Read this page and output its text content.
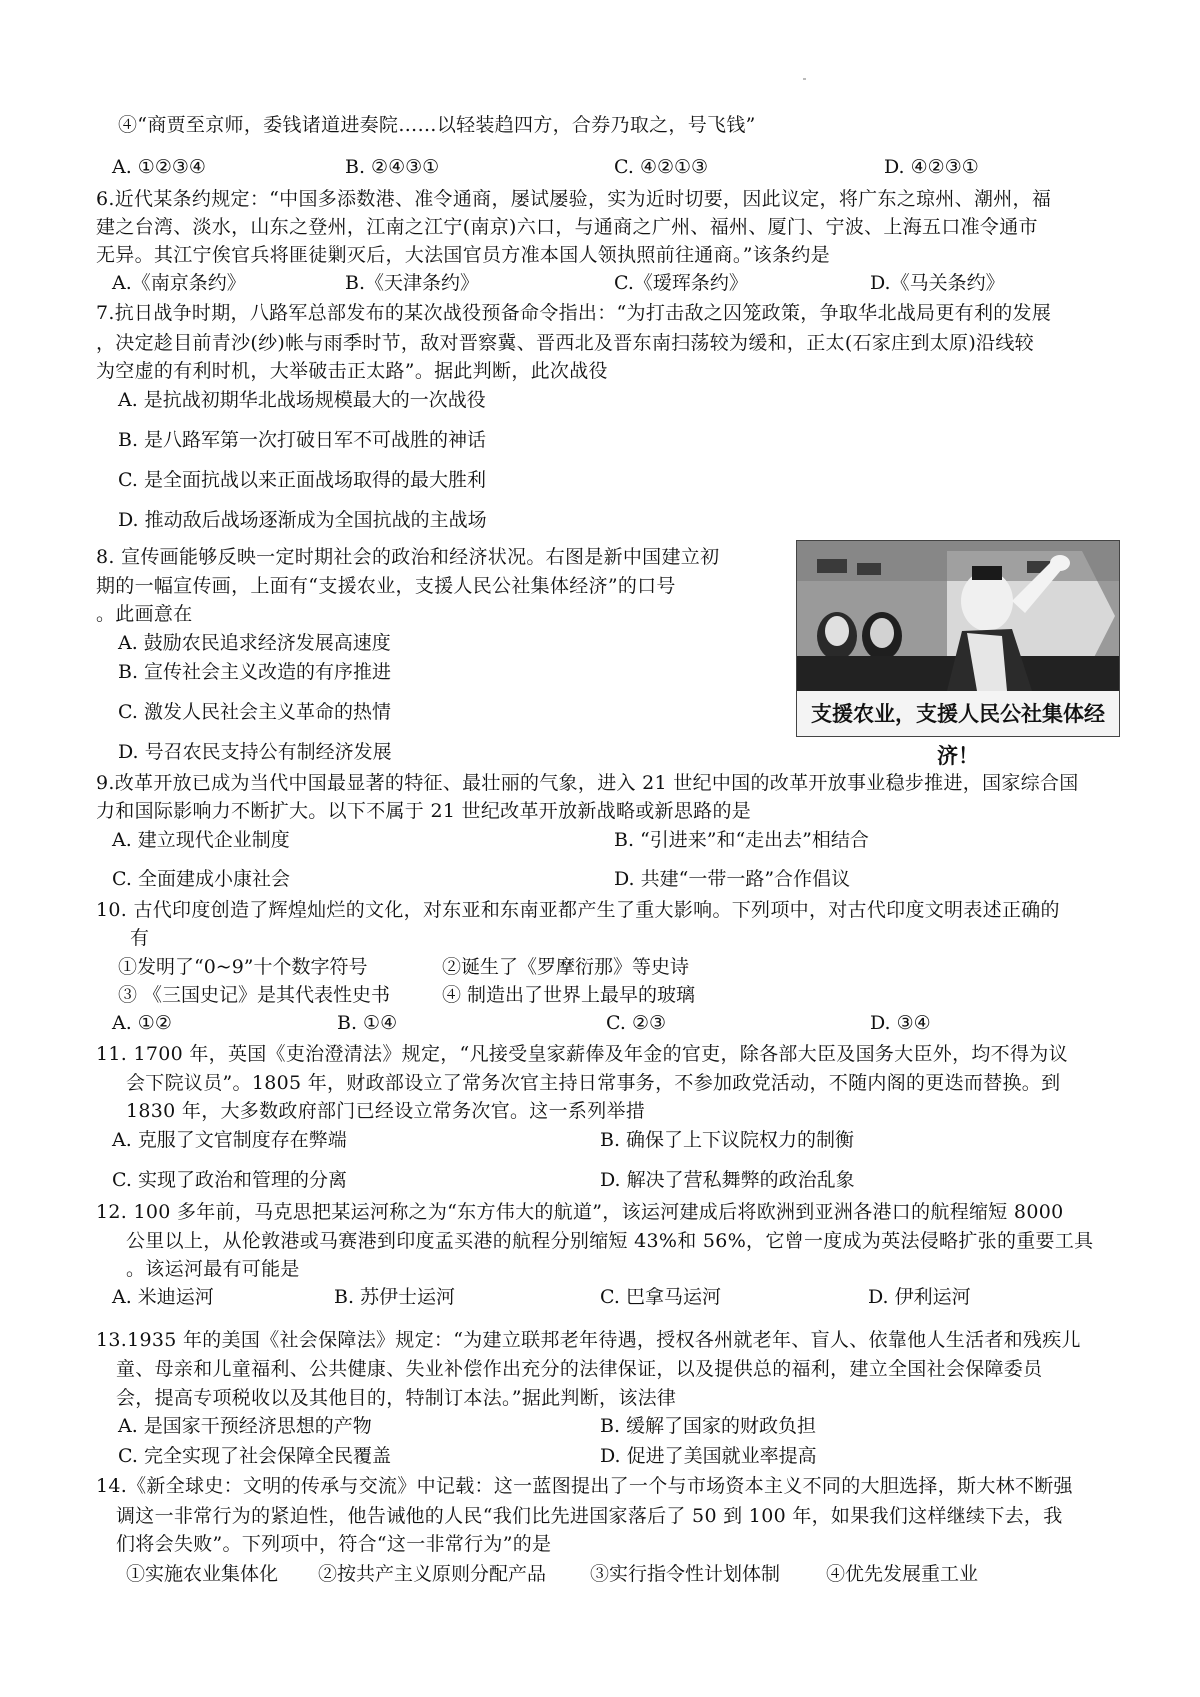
④“商贾至京师，委钱诸道进奏院……以轻装趋四方，合券乃取之，号飞钱”
A. ①②③④	B. ②④③①	C. ④②①③	D. ④②③①
6.近代某条约规定：“中国多添数港、准令通商，屡试屡验，实为近时切要，因此议定，将广东之琼州、潮州，福
建之台湾、淡水，山东之登州，江南之江宁(南京)六口，与通商之广州、福州、厦门、宁波、上海五口准令通市
无异。其江宁俟官兵将匪徒剿灭后，大法国官员方准本国人领执照前往通商。”该条约是
A.《南京条约》	B.《天津条约》	C.《瑷珲条约》	D.《马关条约》
7.抗日战争时期，八路军总部发布的某次战役预备命令指出：“为打击敌之囚笼政策，争取华北战局更有利的发展
，决定趁目前青沙(纱)帐与雨季时节，敌对晋察冀、晋西北及晋东南扫荡较为缓和，正太(石家庄到太原)沿线较
为空虚的有利时机，大举破击正太路”。据此判断，此次战役
A. 是抗战初期华北战场规模最大的一次战役
B. 是八路军第一次打破日军不可战胜的神话
C. 是全面抗战以来正面战场取得的最大胜利
D. 推动敌后战场逐渐成为全国抗战的主战场
8. 宣传画能够反映一定时期社会的政治和经济状况。右图是新中国建立初
期的一幅宣传画，上面有“支援农业，支援人民公社集体经济”的口号
。此画意在
A. 鼓励农民追求经济发展高速度
B. 宣传社会主义改造的有序推进
C. 激发人民社会主义革命的热情
D. 号召农民支持公有制经济发展
支援农业，支援人民公社集体经济！
9.改革开放已成为当代中国最显著的特征、最壮丽的气象，进入 21 世纪中国的改革开放事业稳步推进，国家综合国
力和国际影响力不断扩大。以下不属于 21 世纪改革开放新战略或新思路的是
A. 建立现代企业制度	B. “引进来”和“走出去”相结合
C. 全面建成小康社会	D. 共建“一带一路”合作倡议
10. 古代印度创造了辉煌灿烂的文化，对东亚和东南亚都产生了重大影响。下列项中，对古代印度文明表述正确的
有
①发明了“0~9”十个数字符号	②诞生了《罗摩衍那》等史诗
③ 《三国史记》是其代表性史书	④ 制造出了世界上最早的玻璃
A. ①②	B. ①④	C. ②③	D. ③④
11. 1700 年，英国《吏治澄清法》规定，“凡接受皇家薪俸及年金的官吏，除各部大臣及国务大臣外，均不得为议
会下院议员”。1805 年，财政部设立了常务次官主持日常事务，不参加政党活动，不随内阁的更迭而替换。到
1830 年，大多数政府部门已经设立常务次官。这一系列举措
A. 克服了文官制度存在弊端	B. 确保了上下议院权力的制衡
C. 实现了政治和管理的分离	D. 解决了营私舞弊的政治乱象
12. 100 多年前，马克思把某运河称之为“东方伟大的航道”，该运河建成后将欧洲到亚洲各港口的航程缩短 8000
公里以上，从伦敦港或马赛港到印度孟买港的航程分别缩短 43%和 56%，它曾一度成为英法侵略扩张的重要工具
。该运河最有可能是
A. 米迪运河	B. 苏伊士运河	C. 巴拿马运河	D. 伊利运河
13.1935 年的美国《社会保障法》规定：“为建立联邦老年待遇，授权各州就老年、盲人、依靠他人生活者和残疾儿
童、母亲和儿童福利、公共健康、失业补偿作出充分的法律保证，以及提供总的福利，建立全国社会保障委员
会，提高专项税收以及其他目的，特制订本法。”据此判断，该法律
A. 是国家干预经济思想的产物	B. 缓解了国家的财政负担
C. 完全实现了社会保障全民覆盖	D. 促进了美国就业率提高
14.《新全球史：文明的传承与交流》中记载：这一蓝图提出了一个与市场资本主义不同的大胆选择，斯大林不断强
调这一非常行为的紧迫性，他告诫他的人民“我们比先进国家落后了 50 到 100 年，如果我们这样继续下去，我
们将会失败”。下列项中，符合“这一非常行为”的是
①实施农业集体化 ②按共产主义原则分配产品 ③实行指令性计划体制 ④优先发展重工业
